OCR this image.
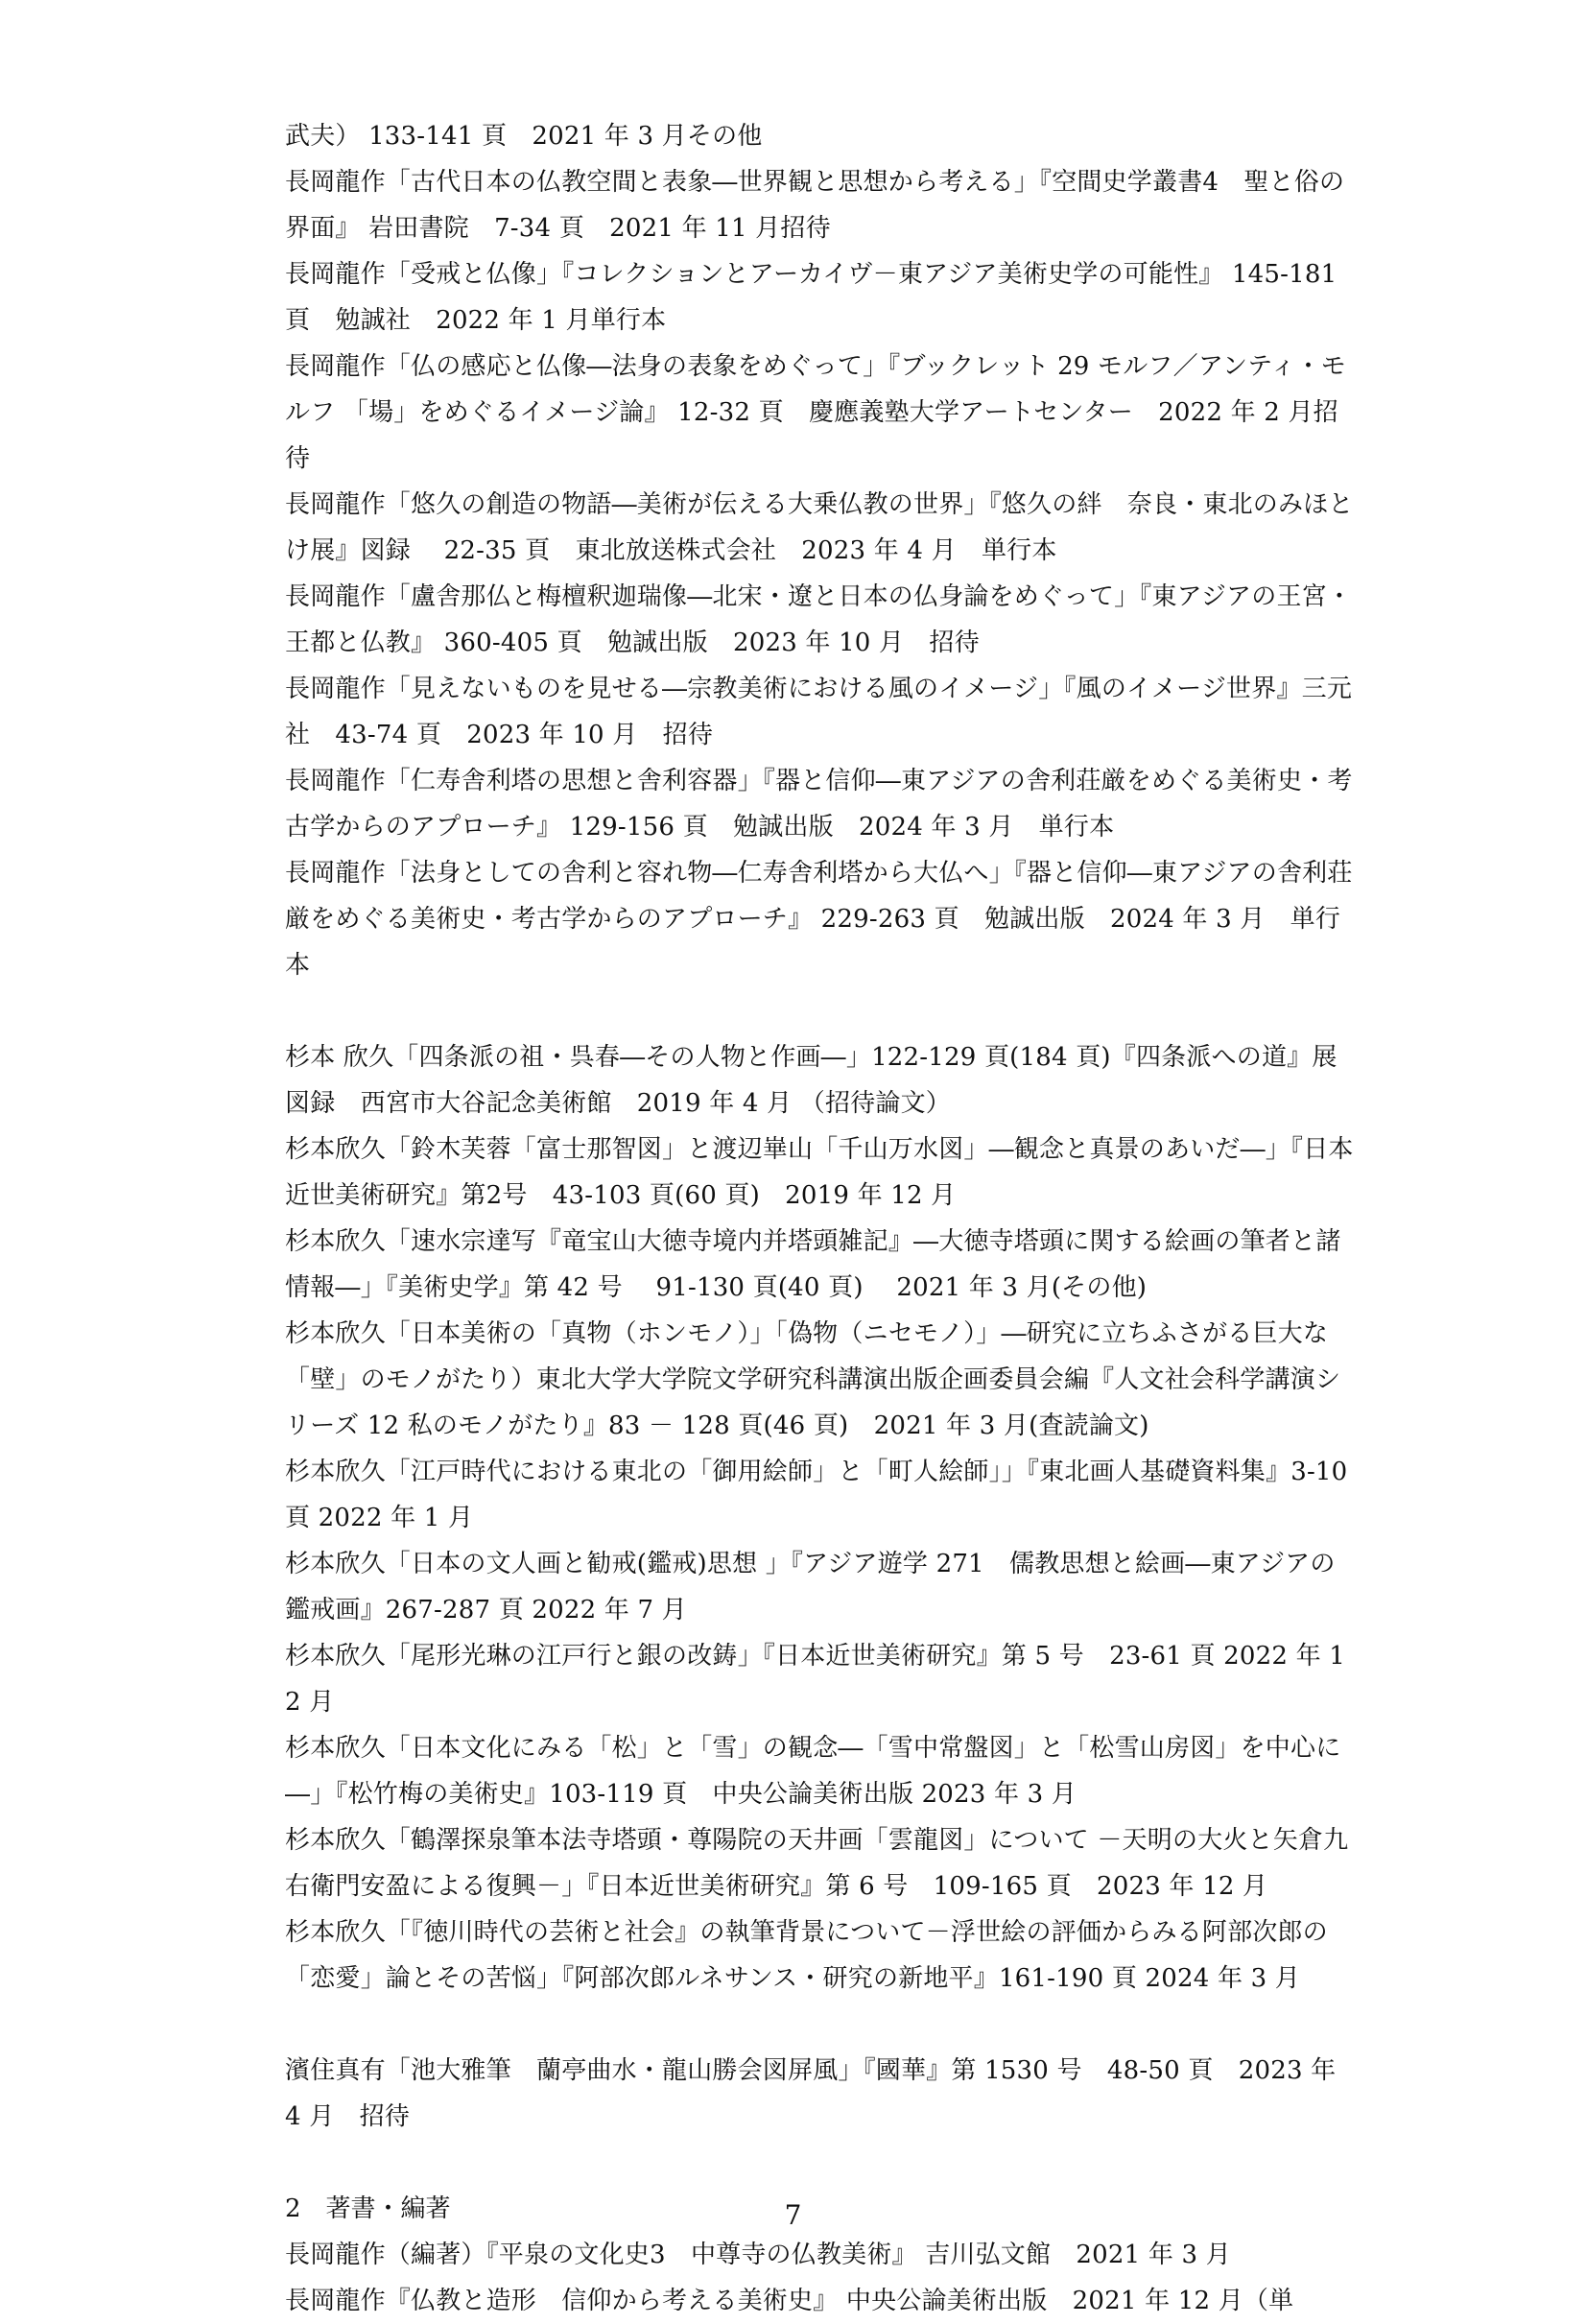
武夫） 133-141 頁　2021 年 3 月その他

長岡龍作「古代日本の仏教空間と表象―世界観と思想から考える」『空間史学叢書4　聖と俗の界面』 岩田書院　7-34 頁　2021 年 11 月招待

長岡龍作「受戒と仏像」『コレクションとアーカイヴ－東アジア美術史学の可能性』 145-181 頁　勉誠社　2022 年 1 月単行本

長岡龍作「仏の感応と仏像―法身の表象をめぐって」『ブックレット 29 モルフ／アンティ・モルフ 「場」をめぐるイメージ論』 12-32 頁　慶應義塾大学アートセンター　2022 年 2 月招待

長岡龍作「悠久の創造の物語―美術が伝える大乗仏教の世界」『悠久の絆　奈良・東北のみほとけ展』図録　 22-35 頁　東北放送株式会社　2023 年 4 月　単行本

長岡龍作「盧舎那仏と梅檀釈迦瑞像―北宋・遼と日本の仏身論をめぐって」『東アジアの王宮・王都と仏教』 360-405 頁　勉誠出版　2023 年 10 月　招待

長岡龍作「見えないものを見せる―宗教美術における風のイメージ」『風のイメージ世界』三元社　43-74 頁　2023 年 10 月　招待

長岡龍作「仁寿舎利塔の思想と舎利容器」『器と信仰―東アジアの舎利荘厳をめぐる美術史・考古学からのアプローチ』 129-156 頁　勉誠出版　2024 年 3 月　単行本

長岡龍作「法身としての舎利と容れ物―仁寿舎利塔から大仏へ」『器と信仰―東アジアの舎利荘厳をめぐる美術史・考古学からのアプローチ』 229-263 頁　勉誠出版　2024 年 3 月　単行本

杉本 欣久「四条派の祖・呉春―その人物と作画―」122-129 頁(184 頁)『四条派への道』展図録　西宮市大谷記念美術館　2019 年 4 月 （招待論文）

杉本欣久「鈴木芙蓉「富士那智図」と渡辺崋山「千山万水図」―観念と真景のあいだ―」『日本近世美術研究』第2号　43-103 頁(60 頁)　2019 年 12 月

杉本欣久「速水宗達写『竜宝山大徳寺境内并塔頭雑記』―大徳寺塔頭に関する絵画の筆者と諸情報―」『美術史学』第 42 号　 91-130 頁(40 頁)　 2021 年 3 月(その他)

杉本欣久「日本美術の「真物（ホンモノ）」「偽物（ニセモノ）」―研究に立ちふさがる巨大な「壁」のモノがたり）東北大学大学院文学研究科講演出版企画委員会編『人文社会科学講演シリーズ 12 私のモノがたり』83 － 128 頁(46 頁)　2021 年 3 月(査読論文)

杉本欣久「江戸時代における東北の「御用絵師」と「町人絵師」」『東北画人基礎資料集』3-10 頁 2022 年 1 月

杉本欣久「日本の文人画と勧戒(鑑戒)思想 」『アジア遊学 271　儒教思想と絵画―東アジアの鑑戒画』267-287 頁 2022 年 7 月

杉本欣久「尾形光琳の江戸行と銀の改鋳」『日本近世美術研究』第 5 号　23-61 頁 2022 年 12 月

杉本欣久「日本文化にみる「松」と「雪」の観念―「雪中常盤図」と「松雪山房図」を中心に―」『松竹梅の美術史』103-119 頁　中央公論美術出版 2023 年 3 月

杉本欣久「鶴澤探泉筆本法寺塔頭・尊陽院の天井画「雲龍図」について －天明の大火と矢倉九右衛門安盈による復興－」『日本近世美術研究』第 6 号　109-165 頁　2023 年 12 月

杉本欣久「『徳川時代の芸術と社会』の執筆背景について－浮世絵の評価からみる阿部次郎の「恋愛」論とその苦悩」『阿部次郎ルネサンス・研究の新地平』161-190 頁 2024 年 3 月

濱住真有「池大雅筆　蘭亭曲水・龍山勝会図屏風」『國華』第 1530 号　48-50 頁　2023 年 4 月　招待

2　著書・編著

長岡龍作（編著）『平泉の文化史3　中尊寺の仏教美術』 吉川弘文館　2021 年 3 月

長岡龍作『仏教と造形　信仰から考える美術史』 中央公論美術出版　2021 年 12 月（単

7
